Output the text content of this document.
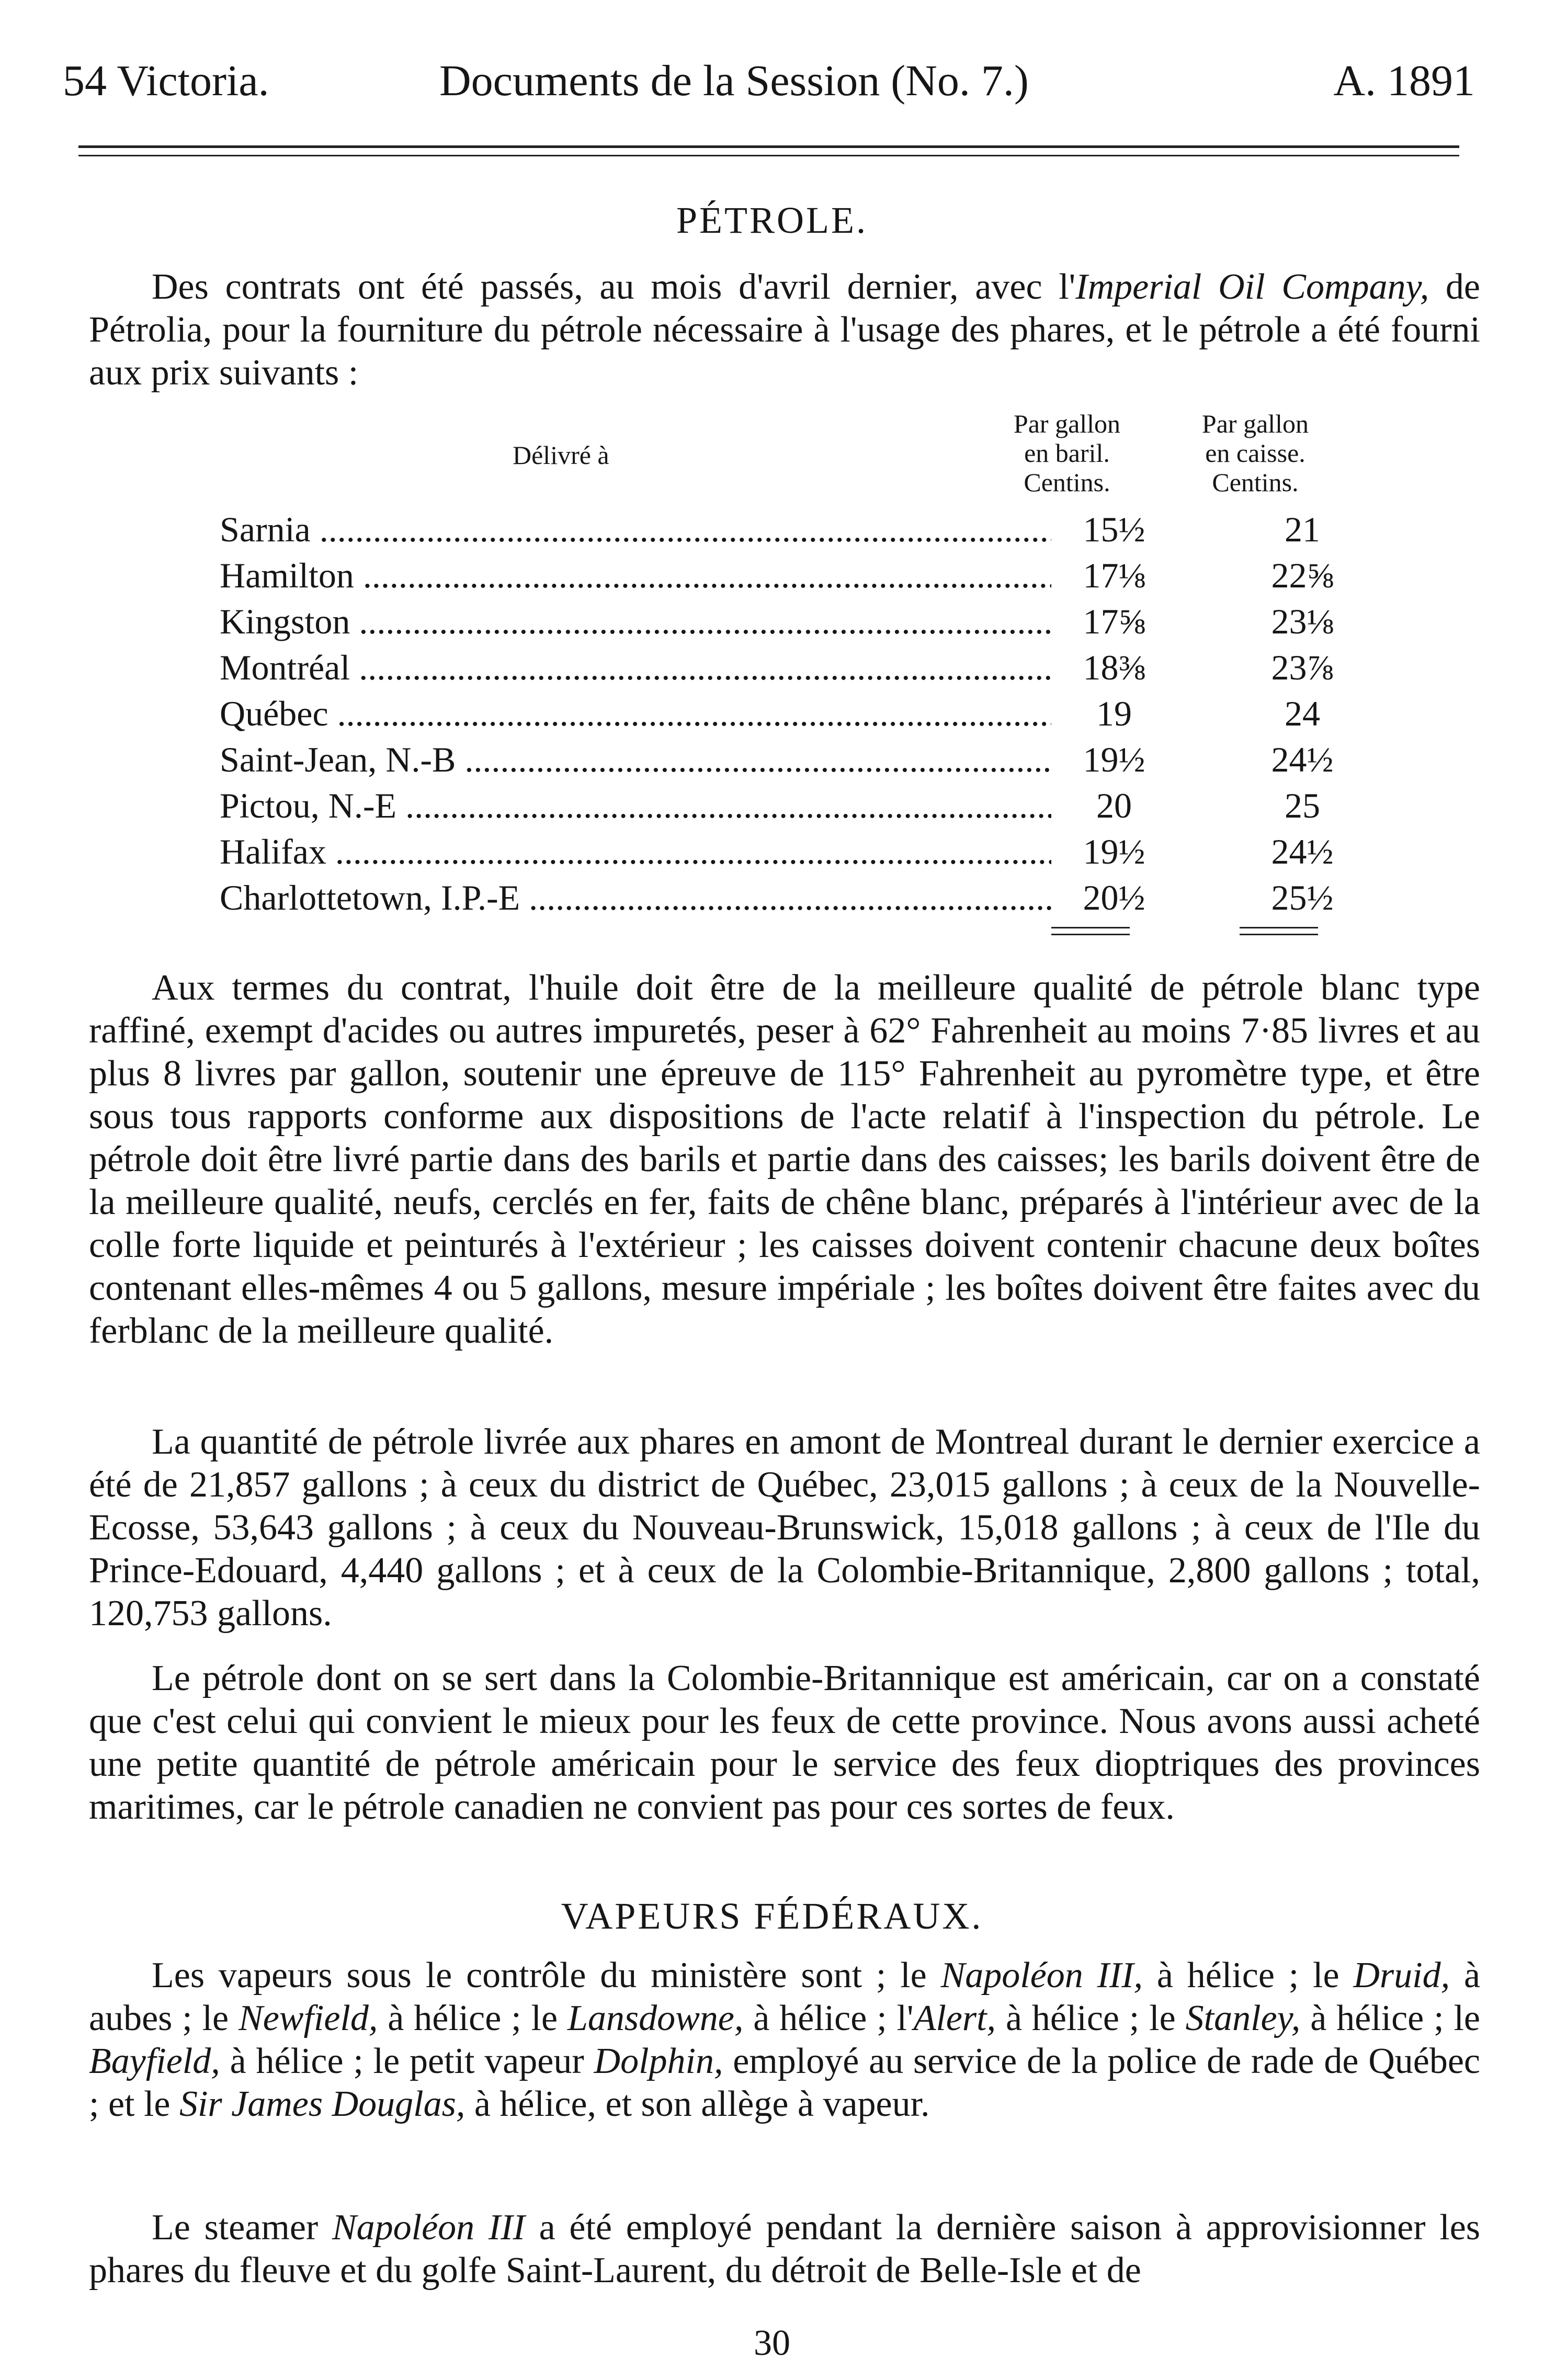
54 Victoria.	Documents de la Session (No. 7.)	A. 1891
PÉTROLE.
Des contrats ont été passés, au mois d'avril dernier, avec l'Imperial Oil Company, de Pétrolia, pour la fourniture du pétrole nécessaire à l'usage des phares, et le pétrole a été fourni aux prix suivants :
Délivré à
Par gallon
en baril.
Centins.
Par gallon
en caisse.
Centins.
Sarnia .....	15½	21
Hamilton .....	17⅛	22⅝
Kingston .....	17⅝	23⅛
Montréal .....	18⅜	23⅞
Québec .....	19	24
Saint-Jean, N.-B .....	19½	24½
Pictou, N.-E .....	20	25
Halifax .....	19½	24½
Charlottetown, I.P.-E .....	20½	25½
Aux termes du contrat, l'huile doit être de la meilleure qualité de pétrole blanc type raffiné, exempt d'acides ou autres impuretés, peser à 62° Fahrenheit au moins 7·85 livres et au plus 8 livres par gallon, soutenir une épreuve de 115° Fahrenheit au pyromètre type, et être sous tous rapports conforme aux dispositions de l'acte relatif à l'inspection du pétrole. Le pétrole doit être livré partie dans des barils et partie dans des caisses; les barils doivent être de la meilleure qualité, neufs, cerclés en fer, faits de chêne blanc, préparés à l'intérieur avec de la colle forte liquide et peinturés à l'extérieur ; les caisses doivent contenir chacune deux boîtes contenant elles-mêmes 4 ou 5 gallons, mesure impériale ; les boîtes doivent être faites avec du ferblanc de la meilleure qualité.
La quantité de pétrole livrée aux phares en amont de Montreal durant le dernier exercice a été de 21,857 gallons ; à ceux du district de Québec, 23,015 gallons ; à ceux de la Nouvelle-Ecosse, 53,643 gallons ; à ceux du Nouveau-Brunswick, 15,018 gallons ; à ceux de l'Ile du Prince-Edouard, 4,440 gallons ; et à ceux de la Colombie-Britannique, 2,800 gallons ; total, 120,753 gallons.
Le pétrole dont on se sert dans la Colombie-Britannique est américain, car on a constaté que c'est celui qui convient le mieux pour les feux de cette province. Nous avons aussi acheté une petite quantité de pétrole américain pour le service des feux dioptriques des provinces maritimes, car le pétrole canadien ne convient pas pour ces sortes de feux.
VAPEURS FÉDÉRAUX.
Les vapeurs sous le contrôle du ministère sont ; le Napoléon III, à hélice ; le Druid, à aubes ; le Newfield, à hélice ; le Lansdowne, à hélice ; l'Alert, à hélice ; le Stanley, à hélice ; le Bayfield, à hélice ; le petit vapeur Dolphin, employé au service de la police de rade de Québec ; et le Sir James Douglas, à hélice, et son allège à vapeur.
Le steamer Napoléon III a été employé pendant la dernière saison à approvisionner les phares du fleuve et du golfe Saint-Laurent, du détroit de Belle-Isle et de
30
